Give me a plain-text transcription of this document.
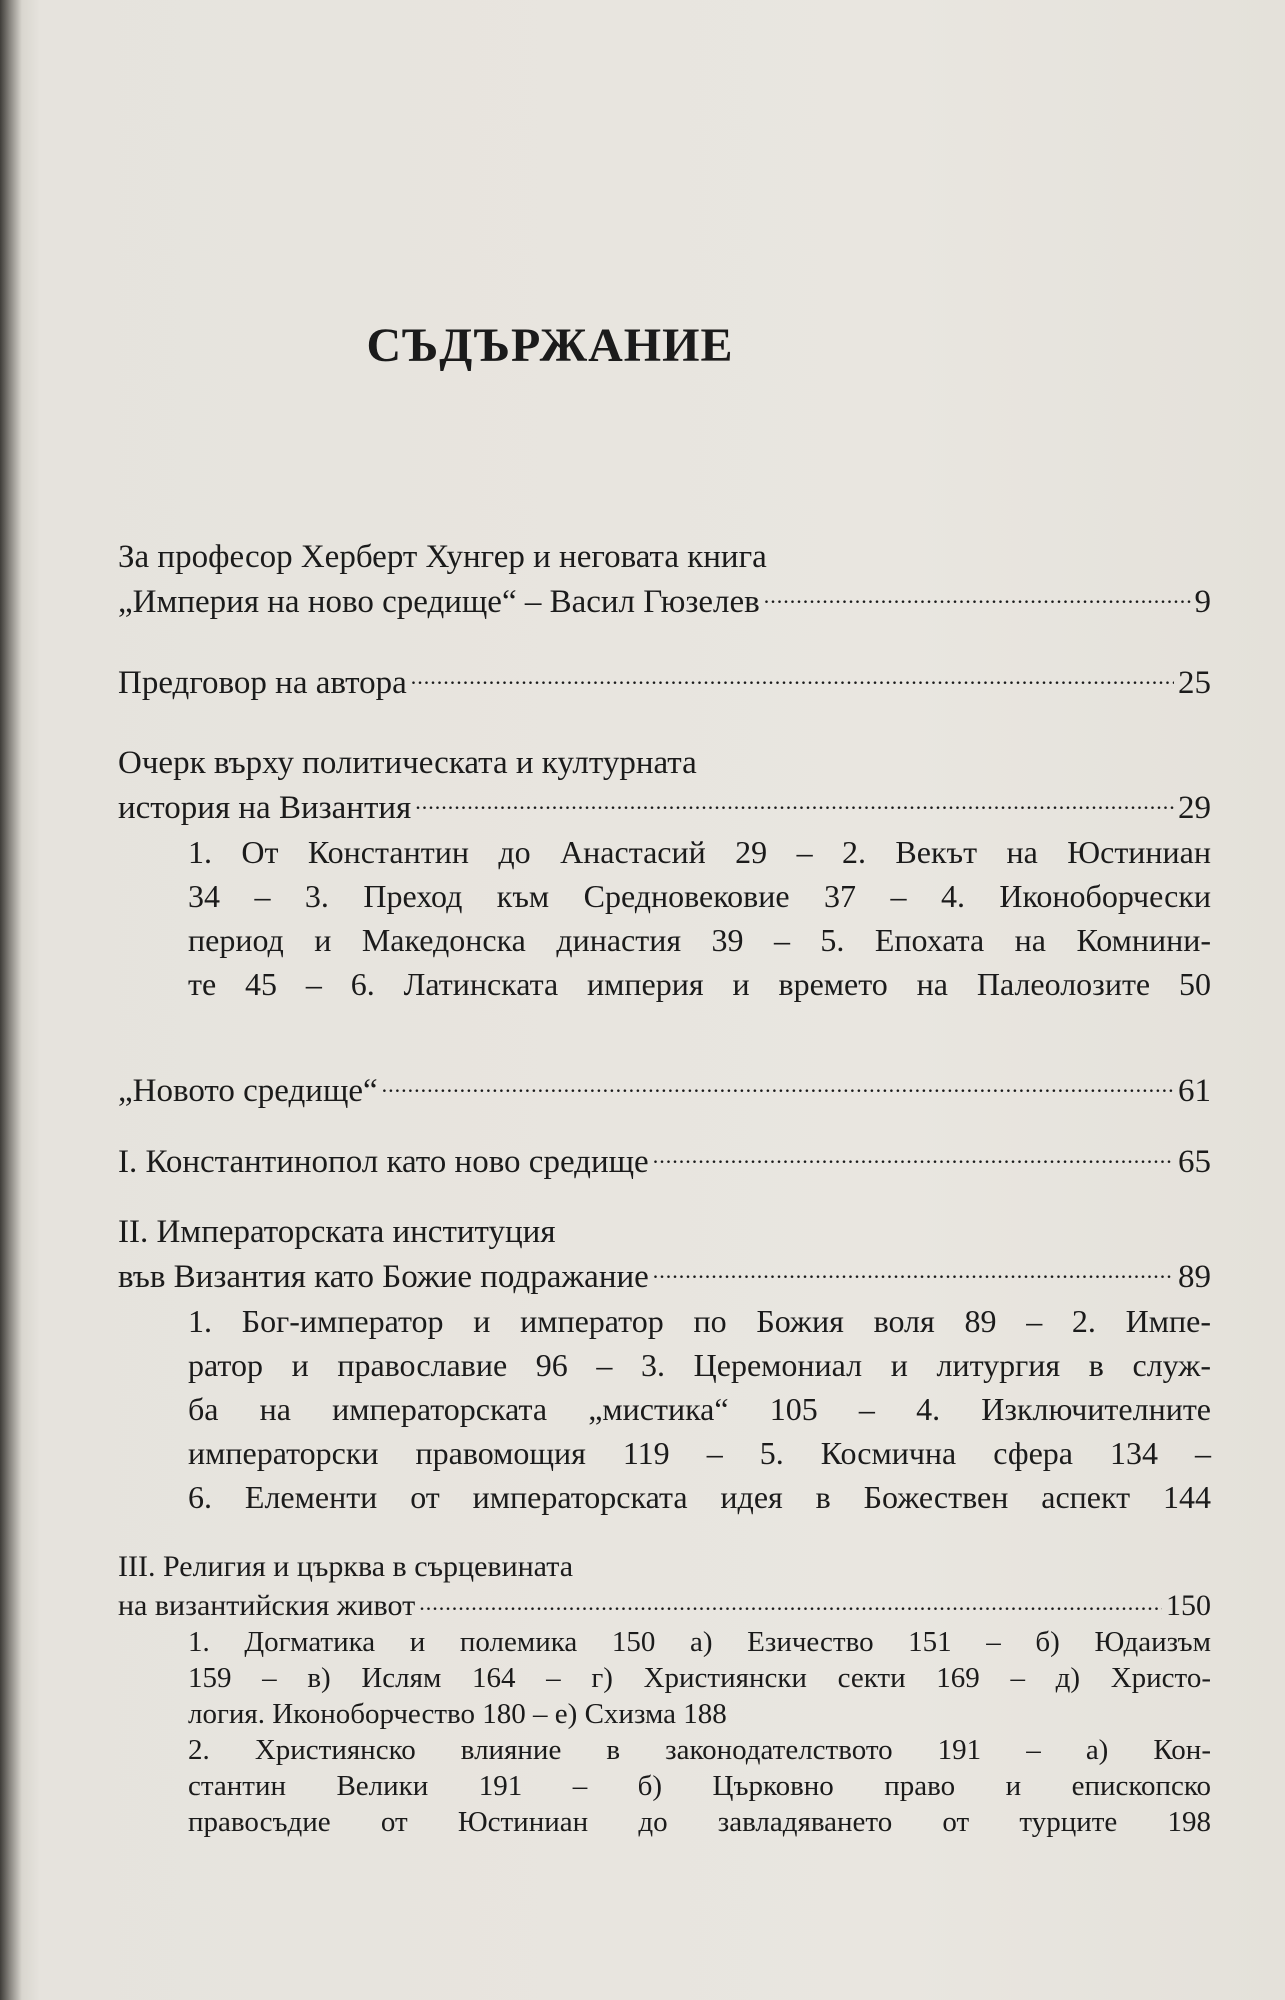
СЪДЪРЖАНИЕ
За професор Херберт Хунгер и неговата книга
„Империя на ново средище“ – Васил Гюзелев .....	9
Предговор на автора .....	25
Очерк върху политическата и културната
история на Византия .....	29
1. От Константин до Анастасий 29 – 2. Векът на Юстиниан
34 – 3. Преход към Средновековие 37 – 4. Иконоборчески
период и Македонска династия 39 – 5. Епохата на Комнини-
те 45 – 6. Латинската империя и времето на Палеолозите 50
„Новото средище“ .....	61
I. Константинопол като ново средище .....	65
II. Императорската институция
във Византия като Божие подражание .....	89
1. Бог-император и император по Божия воля 89 – 2. Импе-
ратор и православие 96 – 3. Церемониал и литургия в служ-
ба на императорската „мистика“ 105 – 4. Изключителните
императорски правомощия 119 – 5. Космична сфера 134 –
6. Елементи от императорската идея в Божествен аспект 144
III. Религия и църква в сърцевината
на византийския живот .....	150
1. Догматика и полемика 150 а) Езичество 151 – б) Юдаизъм
159 – в) Ислям 164 – г) Християнски секти 169 – д) Христо-
логия. Иконоборчество 180 – е) Схизма 188
2. Християнско влияние в законодателството 191 – а) Кон-
стантин Велики 191 – б) Църковно право и епископско
правосъдие от Юстиниан до завладяването от турците 198
